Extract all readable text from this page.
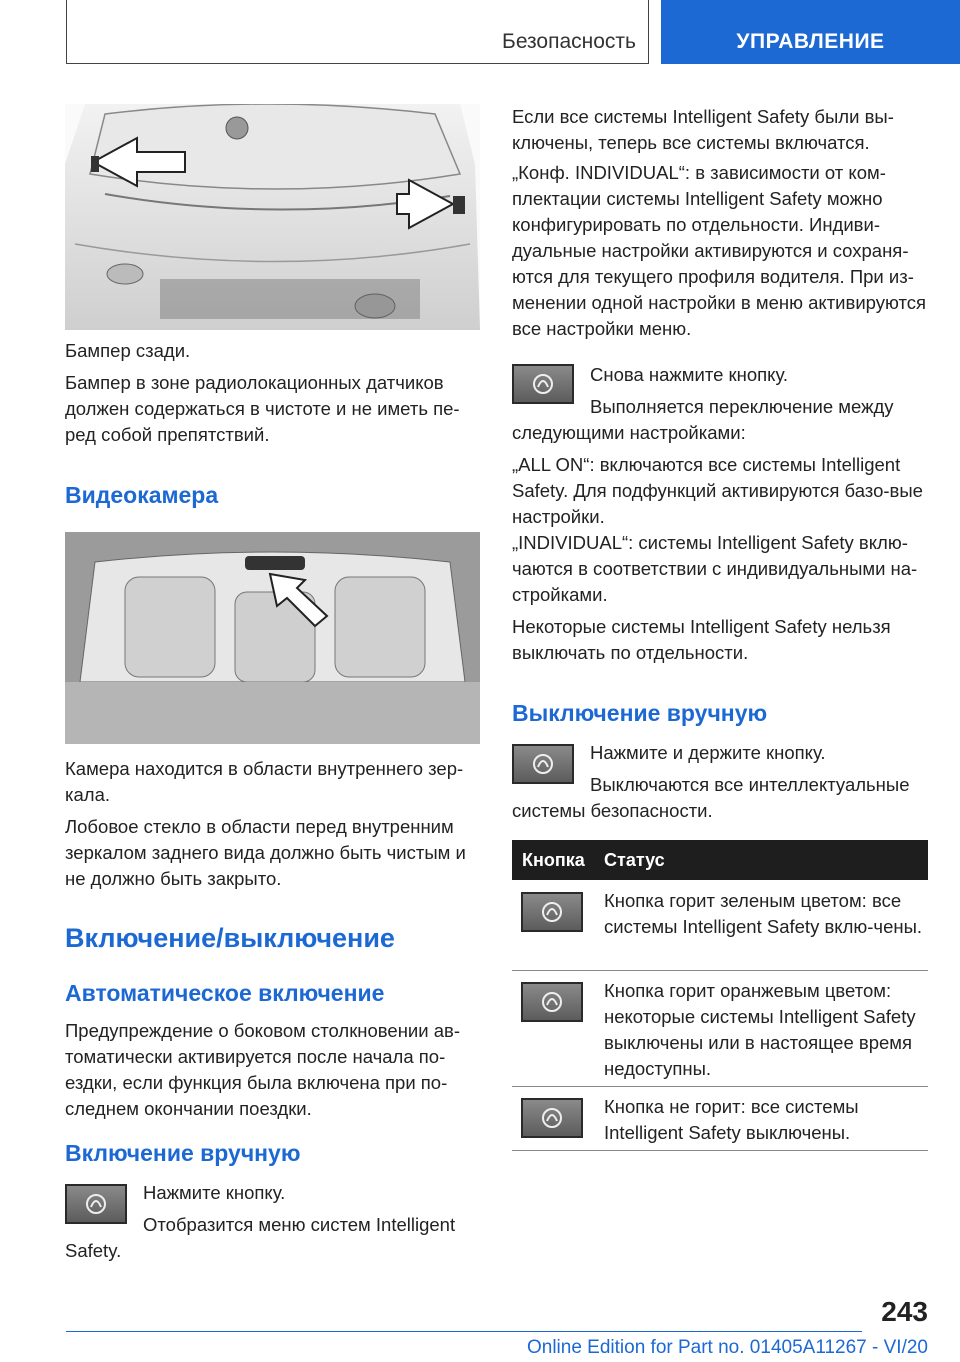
Безопасность	УПРАВЛЕНИЕ

Бампер сзади.

Бампер в зоне радиолокационных датчиков должен содержаться в чистоте и не иметь пе-ред собой препятствий.

Видеокамера

Камера находится в области внутреннего зер-кала.

Лобовое стекло в области перед внутренним зеркалом заднего вида должно быть чистым и не должно быть закрыто.

Включение/выключение

Автоматическое включение

Предупреждение о боковом столкновении ав-томатически активируется после начала по-ездки, если функция была включена при по-следнем окончании поездки.

Включение вручную

Нажмите кнопку.

Отобразится меню систем Intelligent Safety.

Если все системы Intelligent Safety были вы-ключены, теперь все системы включатся.

„Конф. INDIVIDUAL“: в зависимости от ком-плектации системы Intelligent Safety можно конфигурировать по отдельности. Индиви-дуальные настройки активируются и сохраня-ются для текущего профиля водителя. При из-менении одной настройки в меню активируются все настройки меню.

Снова нажмите кнопку.

Выполняется переключение между следующими настройками:

„ALL ON“: включаются все системы Intelligent Safety. Для подфункций активируются базо-вые настройки.

„INDIVIDUAL“: системы Intelligent Safety вклю-чаются в соответствии с индивидуальными на-стройками.

Некоторые системы Intelligent Safety нельзя выключать по отдельности.

Выключение вручную

Нажмите и держите кнопку.

Выключаются все интеллектуальные системы безопасности.

Кнопка Статус

Кнопка горит зеленым цветом: все системы Intelligent Safety вклю-чены.

Кнопка горит оранжевым цветом: некоторые системы Intelligent Safety выключены или в настоящее время недоступны.

Кнопка не горит: все системы Intelligent Safety выключены.

243
Online Edition for Part no. 01405A11267 - VI/20
